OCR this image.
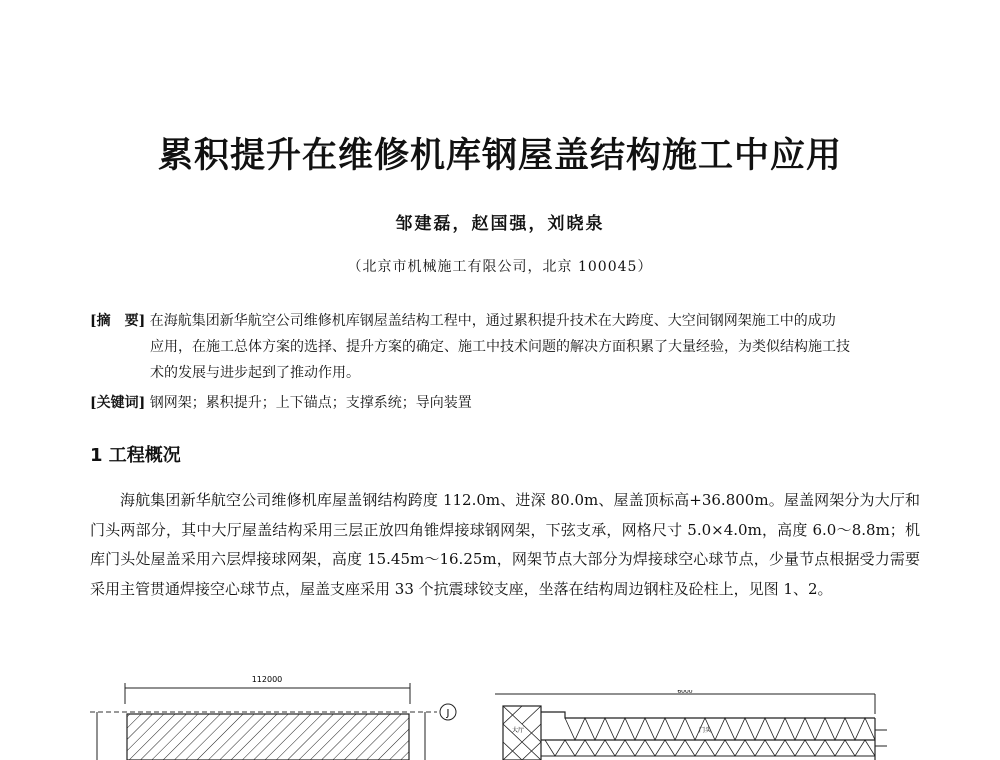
累积提升在维修机库钢屋盖结构施工中应用
邹建磊，赵国强，刘晓泉
（北京市机械施工有限公司，北京 100045）
[摘　要] 在海航集团新华航空公司维修机库钢屋盖结构工程中，通过累积提升技术在大跨度、大空间钢网架施工中的成功
应用，在施工总体方案的选择、提升方案的确定、施工中技术问题的解决方面积累了大量经验，为类似结构施工技
术的发展与进步起到了推动作用。
[关键词] 钢网架；累积提升；上下锚点；支撑系统；导向装置
1 工程概况
海航集团新华航空公司维修机库屋盖钢结构跨度 112.0m、进深 80.0m、屋盖顶标高+36.800m。屋盖网架分为大厅和门头两部分，其中大厅屋盖结构采用三层正放四角锥焊接球钢网架，下弦支承，网格尺寸 5.0×4.0m，高度 6.0～8.8m；机库门头处屋盖采用六层焊接球网架，高度 15.45m～16.25m，网架节点大部分为焊接球空心球节点，少量节点根据受力需要采用主管贯通焊接空心球节点，屋盖支座采用 33 个抗震球铰支座，坐落在结构周边钢柱及砼柱上，见图 1、2。
112000
J
6000
大厅	门头
